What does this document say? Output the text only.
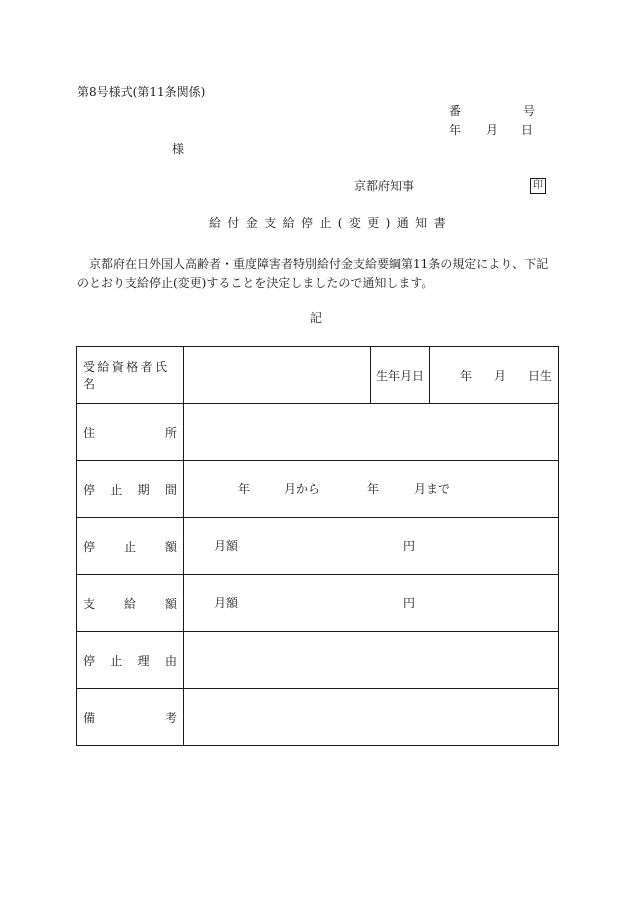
第8号様式(第11条関係)
番	号
年 月 日
様
京都府知事	印
給付金支給停止(変更)通知書
京都府在日外国人高齢者・重度障害者特別給付金支給要綱第11条の規定により、下記のとおり支給停止(変更)することを決定しましたので通知します。
記
受給資格者氏名		生年月日	年 月 日生

住 所			

停 止 期 間	年 月から 年 月まで		

停 止 額	月額 円		

支 給 額	月額 円		

停 止 理 由			

備 考			
